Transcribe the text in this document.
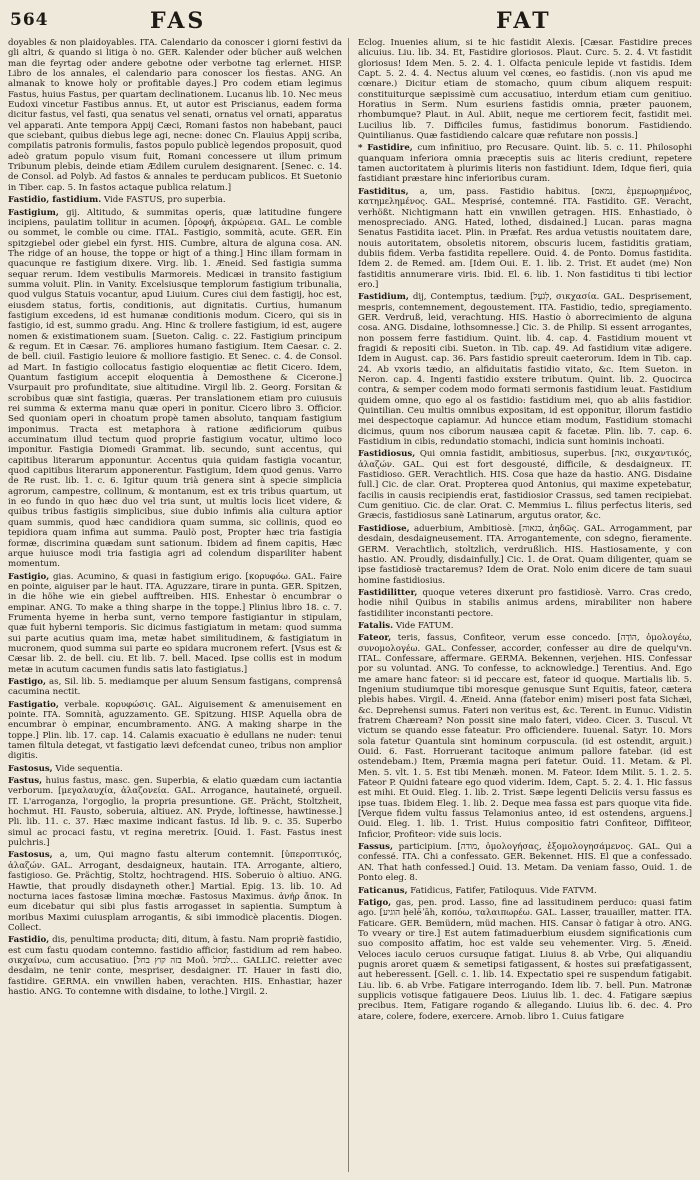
564	FAS	FAT

doyables & non plaidoyables. ITA. Calendario da conoscer i giorni festivi da gli altri, & quando si litiga ò no. GER. Kalender oder bücher auß welchen man die feyrtag oder andere gebotne oder verbotne tag erlernet. HISP. Libro de los annales, el calendario para conoscer los fiestas. ANG. An almanak to knowe holy or profitable dayes.] Pro codem etiam legimus Fastus, huius Fastus, per quartam declinationem. Lucanus lib. 10. Nec meus Eudoxi vincetur Fastibus annus. Et, ut autor est Priscianus, eadem forma dicitur fastus, vel fasti, qua senatus vel senati, ornatus vel ornati, apparatus vel apparati. Ante tempora Appij Cæci, Romani fastos non habebant, pauci que sciebant, quibus diebus lege agi, necne: donec Cn. Flauius Appij scriba, compilatis patronis formulis, fastos populo publicè legendos proposuit, quod adeò gratum populo visum fuit, Romani concessere ut illum primum Tribunum plebis, deinde etiam Ædilem curulem designarent. [Senec. c. 14. de Consol. ad Polyb. Ad fastos & annales te perducam publicos. Et Suetonio in Tiber. cap. 5. In fastos actaque publica relatum.]

Fastidio, fastidium. Vide FASTUS, pro superbia.

Fastigium, gij. Altitudo, & summitas operis, quæ latitudine fungere incipiens, paulatim tollitur in acumen. [ὀροφή, ἀκρώρεια. GAL. Le comble ou sommet, le comble ou cime. ITAL. Fastigio, sommità, acute. GER. Ein spitzgiebel oder giebel ein fyrst. HIS. Cumbre, altura de alguna cosa. AN. The ridge of an house, the toppe or higt of a thing.] Hinc illam formam in quacunque re fastigium dixere. Virg. lib. 1. Æneid. Sed fastigia summa sequar rerum. Idem vestibulis Marmoreis. Medicæi in transito fastigium summa voluit. Plin. in Vanity. Excelsiusque templorum fastigium tribunalia, quod vulgus Statuis vocantur, apud Liuium. Cures ciui dem fastigij, hoc est, eiusdem status, fortis, conditionis, aut dignitatis. Curtius, humanum fastigium excedens, id est humanæ conditionis modum. Cicero, qui sis in fastigio, id est, summo gradu. Ang. Hinc & trollere fastigium, id est, augere nomen & existimationem suam. [Sueton. Calig. c. 22. Fastigium principum & regum. Et in Cæsar. 76. ampliores humano fastigium. Item Caesar. c. 2. de bell. ciuil. Fastigio leuiore & molliore fastigio. Et Senec. c. 4. de Consol. ad Mart. In fastigio collocatus fastigio eloquentiæ ac fletit Cicero. Idem, Quantum fastigium accepit eloquentia à Demosthene & Cicerone.] Vsurpauit pro profunditate, siue altitudine. Virgil lib. 2. Georg. Forsitan & scrobibus quæ sint fastigia, quæras. Per translationem etiam pro cuiusuis rei summa & exterma manu quæ operi in ponitur. Cicero libro 3. Officior. Sed quoniam operi in choatum propè tamen absoluto, tanquam fastigium imponimus. Tracta est metaphora à ratione ædificiorum quibus accuminatum illud tectum quod proprie fastigium vocatur, ultimo loco imponitur. Fastigia Diomedi Grammat. lib. secundo, sunt accentus, qui capitibus literarum apponuntur. Accentus quia quidam fastigia vocantur, quod capitibus literarum apponerentur. Fastigium, Idem quod genus. Varro de Re rust. lib. 1. c. 6. Igitur quum trià genera sint à specie simplicia agrorum, campestre, collinum, & montanum, est ex tris tribus quartum, ut in eo fundo in quo hæc duo vel tria sunt, ut multis locis licet videre, & quibus tribus fastigiis simplicibus, siue dubio infimis alia cultura aptior quam summis, quod hæc candidiora quam summa, sic collinis, quod eo tepidiora quam infima aut summa. Paulò post, Propter hæc tria fastigia formæ, discrimina quædam sunt sationum. Ibidem ad finem capitis, Hæc arque huiusce modi tria fastigia agri ad colendum dispariliter habent momentum.

Fastigio, gias. Acumino, & quasi in fastigium erigo. [κορυφόω. GAL. Faire en pointe, aiguiser par le haut. ITA. Aguzzare, tirare in punta. GER. Spitzen, in die höhe wie ein giebel aufftreiben. HIS. Enhestar ò encumbrar o empinar. ANG. To make a thing sharpe in the toppe.] Plinius libro 18. c. 7. Frumenta hyeme in herba sunt, verno tempore fastigiantur in stipulam, quæ fuit hyberni temporis. Sic dicimus fastigiatum in metam: quod summa sui parte acutius quam ima, metæ habet similitudinem, & fastigiatum in mucronem, quod summa sui parte eo spidara mucronem refert. [Vsus est & Cæsar lib. 2. de bell. ciu. Et lib. 7. bell. Maced. Ipse collis est in modum metæ in acutum cacumen fundis satis lato fastigiatus.]

Fastigo, as, Sil. lib. 5. mediamque per aluum Sensum fastigans, comprensâ cacumina nectit.

Fastigatio, verbale. κορυφώσις. GAL. Aiguisement & amenuisement en pointe. ITA. Somnità, aguzzamento. GE. Spitzung. HISP. Aquella obra de encumbrar ò empinar, encumbramento. ANG. A making sharpe in the toppe.] Plin. lib. 17. cap. 14. Calamis exacuatio è edullans ne nuder: tenui tamen filtula detegat, vt fastigatio lævi defcendat cuneo, tribus non amplior digitis.

Fastosus, Vide sequentia.

Fastus, huius fastus, masc. gen. Superbia, & elatio quædam cum iactantia verborum. [μεγαλαυχία, ἀλαζονεία. GAL. Arrogance, hautaineté, orgueil. IT. L'arroganza, l'orgoglio, la propria presuntione. GE. Prächt, Stoltzheit, hochmut. HI. Fausto, soberuia, altiuez. AN. Pryde, loftinesse, hawtinesse.] Pli. lib. 11. c. 37. Hæc maxime indicant fastus. Id lib. 9. c. 35. Superbo simul ac procaci fastu, vt regina meretrix. [Ouid. 1. Fast. Fastus inest pulchris.]

Fastosus, a, um, Qui magno fastu alterum contemnit. [ὑπεροπτικός, ἀλαζών. GAL. Arrogant, desdaigneux, hautain. ITA. Arrogante, altiero, fastigioso. Ge. Prächtig, Stoltz, hochtragend. HIS. Soberuio ò altiuo. ANG. Hawtie, that proudly disdayneth other.] Martial. Epig. 13. lib. 10. Ad nocturna iaces fastosæ limina mœchæ. Fastosus Maximus. ἀνήρ ἄποκ. In eum dicebatur qui sibi plus fastis arrogasset in sapientia. Sumptum à moribus Maximi cuiusplam arrogantis, & sibi immodicè placentis. Diogen. Collect.

Fastidio, dis, penultima producta; diti, ditum, à fastu. Nam propriè fastidio, est cum fastu quodam contemno. fastidio afficior, fastidium ad rem habeo. σικχαίνω, cum accusatiuo. [בזה קוץ בחל Moû. לבחל... GALLIC. reietter avec desdaim, ne tenir conte, mespriser, desdaigner. IT. Hauer in fasti dio, fastidire. GERMA. ein vnwillen haben, verachten. HIS. Enhastiar, hazer hastio. ANG. To contemne with disdaine, to lothe.] Virgil. 2.

Eclog. Inuenies alium, si te hic fastidit Alexis. [Cæsar. Fastidire preces alicuius. Liu. lib. 34. Et, Fastidire gloriosos. Plaut. Curc. 5. 2. 4. Vt fastidit gloriosus! Idem Men. 5. 2. 4. 1. Olfacta penicule lepide vt fastidis. Idem Capt. 5. 2. 4. 4. Nectus aluum vel cœnes, eo fastidis. (.non vis apud me cœnare.) Dicitur etiam de stomacho, quum cibum aliquem respuit: constituiturque sæpissimè cum accusatiuo, interdum etiam cum genitiuo. Horatius in Serm. Num esuriens fastidis omnia, præter pauonem, rhombumque? Plaut. in Aul. Abiit, neque me certiorem fecit, fastidit mei. Lucilius lib. 7. Difficiles fumus, fastidimus bonorum. Fastidiendo. Quintilianus. Quæ fastidiendo calcare quæ refutare non possis.]

* Fastidire, cum infinitiuo, pro Recusare. Quint. lib. 5. c. 11. Philosophi quanquam inferiora omnia præceptis suis ac literis crediunt, repetere tamen auctoritatem à plurimis literis non fastidiunt. Idem, Idque fieri, quia fastidiant præstare hinc inferioribus curam.

Fastiditus, a, um, pass. Fastidio habitus. [נמאס, ἐμεμωρημένος, κατημελημένος. GAL. Mesprisé, contemné. ITA. Fastidito. GE. Veracht, verhößt. Nichtigmann hatt ein vnwillen getragen. HIS. Enhastiado, ò menospreciado. ANG. Hated, lothed, disdained.] Lucan. paras magna Senatus Fastidita iacet. Plin. in Præfat. Res ardua vetustis nouitatem dare, nouis autoritatem, obsoletis nitorem, obscuris lucem, fastiditis gratiam, dubiis fidem. Verba fastidita repellere. Ouid. 4. de Ponto. Domus fastidita. Idem 2. de Remed. am. [Idem Oui. E. 1. lib. 2. Trist. Et audet (me) Non fastiditis annumerare viris. Ibid. El. 6. lib. 1. Non fastiditus ti tibi lectior ero.]

Fastidium, dij, Contemptus, tædium. [לְגֹעֶל, σικχασία. GAL. Desprisement, mespris, contemnement, degoustement. ITA. Fastidio, tedio, spregiamento. GER. Verdruß, leid, verachtung. HIS. Hastio ò aborrecimiento de alguna cosa. ANG. Disdaine, lothsomnesse.] Cic. 3. de Philip. Si essent arrogantes, non possem ferre fastidium. Quint. lib. 4. cap. 4. Fastidium mouent vt fragidi & repositi cibi. Sueton. in Tib. cap. 49. Ad fastidium vitæ adigere. Idem in August. cap. 36. Pars fastidio spreuit caeterorum. Idem in Tib. cap. 24. Ab vxoris tædio, an alfiduitatis fastidio vitato, &c. Item Sueton. in Neron. cap. 4. Ingenti fastidio exstere tributum. Quint. lib. 2. Quocirca contra, & semper codem modo formati sermonis fastidium leuat. Fastidium quidem omne, quo ego al os fastidio: fastidium mei, quo ab aliis fastidior. Quintilian. Ceu multis omnibus expositam, id est opponitur, illorum fastidio mei despectoque capiamur. Ad huncce etiam modum, Fastidium stomachi dicimus, quum nos ciborum nausæa capit & facetæ. Plin. lib. 7. cap. 6. Fastidium in cibis, redundatio stomachi, indicia sunt hominis inchoati.

Fastidiosus, Qui omnia fastidit, ambitiosus, superbus. [גאה, σικχαντικός, ἀλαζών. GAL. Qui est fort desgousté, difficile, & desdaigneux. IT. Fastidioso. GER. Verachtlich. HIS. Cosa que haze da hastio. ANG. Disdaine full.] Cic. de clar. Orat. Propterea quod Antonius, qui maxime expetebatur, facilis in causis recipiendis erat, fastidiosior Crassus, sed tamen recipiebat. Cum genitiuo. Cic. de clar. Orat. C. Memmius L. filius perfectus literis, sed Græcis, fastidiosus sanè Latinarum, argutus orator, &c.

Fastidiose, aduerbium, Ambitiosè. [בגאוה, ἀηδῶς. GAL. Arrogamment, par desdain, desdaigneusement. ITA. Arrogantemente, con sdegno, fieramente. GERM. Verachtlich, stoltzlich, verdrußlich. HIS. Hastiosamente, y con hastio. AN. Proudly, disdainfully.] Cic. 1. de Orat. Quam diligenter, quam se ipse fastidiosè tractaremus? Idem de Orat. Nolo enim dicere de tam suaui homine fastidiosius.

Fastidilitter, quoque veteres dixerunt pro fastidiosè. Varro. Cras credo, hodie nihil Quibus in stabilis animus ardens, mirabiliter non habere fastidiliter inconstanti pectore.

Fatalis. Vide FATUM.

Fateor, teris, fassus, Confiteor, verum esse concedo. [הוֹדָה, ὁμολογέω, συνομολογέω. GAL. Confesser, accorder, confesser au dire de quelqu'vn. ITAL. Confessare, affermare. GERMA. Bekennen, verjehen. HIS. Confessar por su voluntad. ANG. To confesse, to acknowledge.] Terentius. And. Ego me amare hanc fateor: si id peccare est, fateor id quoque. Martialis lib. 5. Ingenium studiumque tibi moresque genusque Sunt Equitis, fateor, cætera plebis habes. Virgil. 4. Æneid. Anna (fatebor enim) miseri post fata Sichæi, &c. Deprehensi sumus. Fateri non veritus est, &c. Terent. in Eunuc. Vidistin fratrem Chæream? Non possit sine malo fateri, video. Cicer. 3. Tuscul. Vt victum se quando esse fateatur. Pro officiendere. Iuuenal. Satyr. 10. Mors sola fatetur Quantula sint hominum corpuscula. (id est ostendit, arguit.) Ouid. 6. Fast. Horruerant tacitoque animum pallore fatebar. (id est ostendebam.) Item, Præmia magna peri fatetur. Ouid. 11. Metam. & Pl. Men. 5. vlt. 1. 5. Est tibi Menæh. monen. M. Fateor. Idem Milit. 5. 1. 2. 5. Fateor P. Quidni fateare ego quod viderim. Idem, Capt. 5. 2. 4. 1. Hic fassus est mihi. Et Ouid. Eleg. 1. lib. 2. Trist. Sæpe legenti Deliciis versu fassus es ipse tuas. Ibidem Eleg. 1. lib. 2. Deque mea fassa est pars quoque vita fide. [Verque fidem vultu fassus Telamonius anteo, id est ostendens, arguens.] Ouid. Eleg. 1. lib. 1. Trist. Huius compositio fatri Confiteor, Diffiteor, Inficior, Profiteor: vide suis locis.

Fassus, participium. [מודה, ὁμολογήσας, ἐξομολογησάμενος. GAL. Qui a confessé. ITA. Chi a confessato. GER. Bekennet. HIS. El que a confessado. AN. That hath confessed.] Ouid. 13. Metam. Da veniam fasso, Ouid. 1. de Ponto eleg. 8.

Faticanus, Fatidicus, Fatifer, Fatiloquus. Vide FATVM.

Fatigo, gas, pen. prod. Lasso, fine ad lassitudinem perduco: quasi fatim ago. [הוגיע ḥelēʼāh, κοπόω, ταλαιπωρέω. GAL. Lasser, trauailler, matter. ITA. Faticare. GER. Bemüdern, müd machen. HIS. Cansar ò fatigar à otro. ANG. To vveary or tire.] Est autem fatimaduerbium eiusdem significationis cum suo composito affatim, hoc est valde seu vehementer. Virg. 5. Æneid. Veloces iaculo ceruos cursuque fatigat. Liuius 8. ab Vrbe, Qui aliquandiu pugnis aroret quæm & semetipsi fatigassent, & hostes sui præfatigassent, aut heberessent. [Gell. c. 1. lib. 14. Expectatio spei re suspendum fatigabit. Liu. lib. 6. ab Vrbe. Fatigare interrogando. Idem lib. 7. bell. Pun. Matronæ supplicis votisque fatigauere Deos. Liuius lib. 1. dec. 4. Fatigare sæpius precibus. Item, Fatigare rogando & allegando. Liuius lib. 6. dec. 4. Pro atare, colere, fodere, exercere. Arnob. libro 1. Cuius fatigare
